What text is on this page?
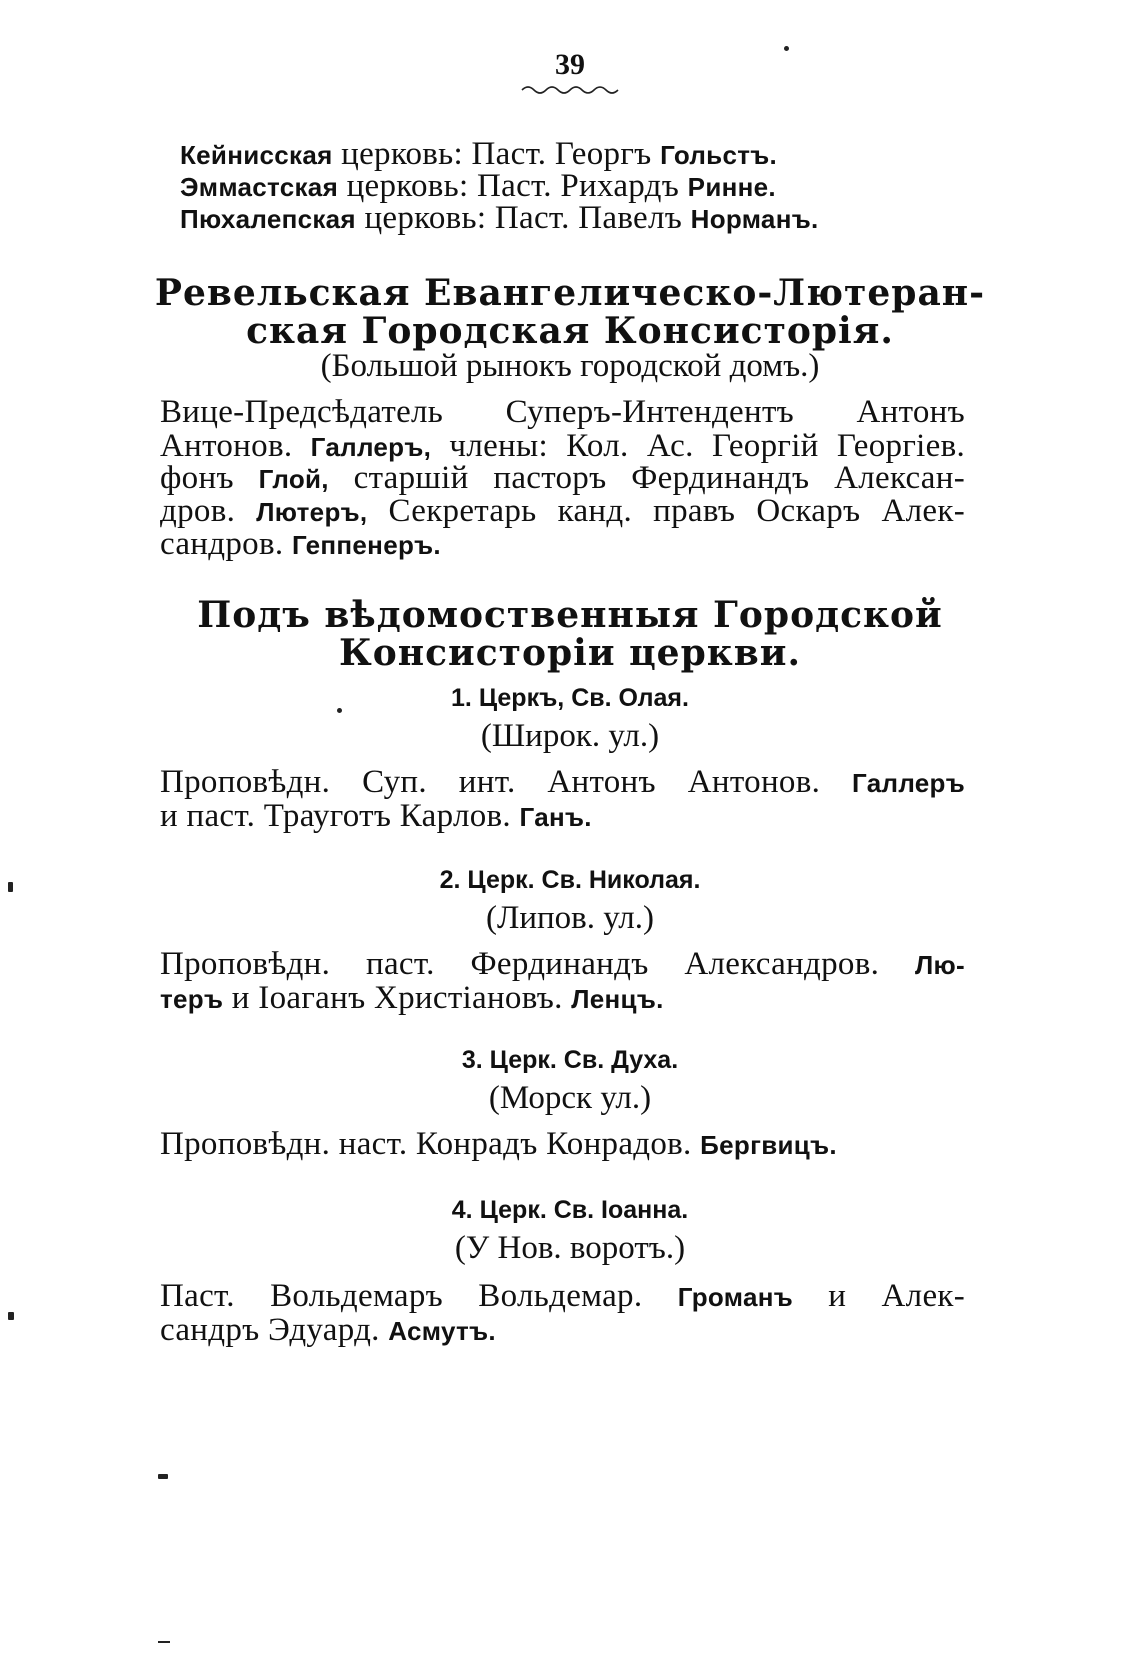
39
Кейнисская церковь: Паст. Георгъ Гольстъ.
Эммастская церковь: Паст. Рихардъ Ринне.
Пюхалепская церковь: Паст. Павелъ Норманъ.
Ревельская Евангелическо-Лютеран-
ская Городская Консисторія.
(Большой рынокъ городской домъ.)
Вице-Предсѣдатель Суперъ-Интендентъ Антонъ
Антонов. Галлеръ, члены: Кол. Ас. Георгій Георгіев.
фонъ Глой, старшій пасторъ Фердинандъ Алексан-
дров. Лютеръ, Секретарь канд. правъ Оскаръ Алек-
сандров. Геппенеръ.
Подъ вѣдомоственныя Городской
Консисторіи церкви.
1. Церкъ, Св. Олая.
(Широк. ул.)
2. Церк. Св. Николая.
(Липов. ул.)
3. Церк. Св. Духа.
(Морск ул.)
4. Церк. Св. Іоанна.
(У Нов. воротъ.)
Проповѣдн. Суп. инт. Антонъ Антонов. Галлеръ
и паст. Трауготъ Карлов. Ганъ.
Проповѣдн. паст. Фердинандъ Александров. Лю-
теръ и Іоаганъ Христіановъ. Ленцъ.
Проповѣдн. наст. Конрадъ Конрадов. Бергвицъ.
Паст. Вольдемаръ Вольдемар. Громанъ и Алек-
сандръ Эдуард. Асмутъ.
